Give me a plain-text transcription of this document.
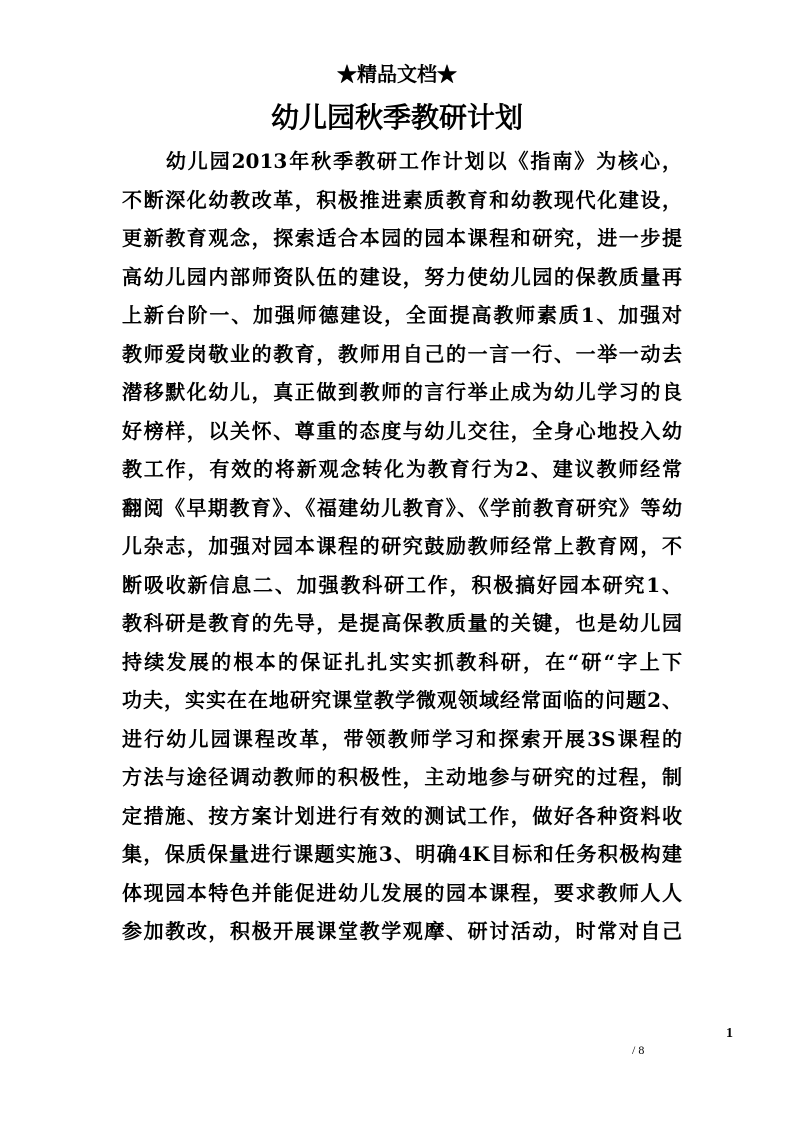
★精品文档★
幼儿园秋季教研计划
　　幼儿园2013年秋季教研工作计划以《指南》为核心，
不断深化幼教改革，积极推进素质教育和幼教现代化建设，
更新教育观念，探索适合本园的园本课程和研究，进一步提
高幼儿园内部师资队伍的建设，努力使幼儿园的保教质量再
上新台阶一、加强师德建设，全面提高教师素质1、加强对
教师爱岗敬业的教育，教师用自己的一言一行、一举一动去
潜移默化幼儿，真正做到教师的言行举止成为幼儿学习的良
好榜样，以关怀、尊重的态度与幼儿交往，全身心地投入幼
教工作，有效的将新观念转化为教育行为2、建议教师经常
翻阅《早期教育》、《福建幼儿教育》、《学前教育研究》等幼
儿杂志，加强对园本课程的研究鼓励教师经常上教育网，不
断吸收新信息二、加强教科研工作，积极搞好园本研究1、
教科研是教育的先导，是提高保教质量的关键，也是幼儿园
持续发展的根本的保证扎扎实实抓教科研，在“研“字上下
功夫，实实在在地研究课堂教学微观领域经常面临的问题2、
进行幼儿园课程改革，带领教师学习和探索开展3S课程的
方法与途径调动教师的积极性，主动地参与研究的过程，制
定措施、按方案计划进行有效的测试工作，做好各种资料收
集，保质保量进行课题实施3、明确4K目标和任务积极构建
体现园本特色并能促进幼儿发展的园本课程，要求教师人人
参加教改，积极开展课堂教学观摩、研讨活动，时常对自己
1
/ 8
